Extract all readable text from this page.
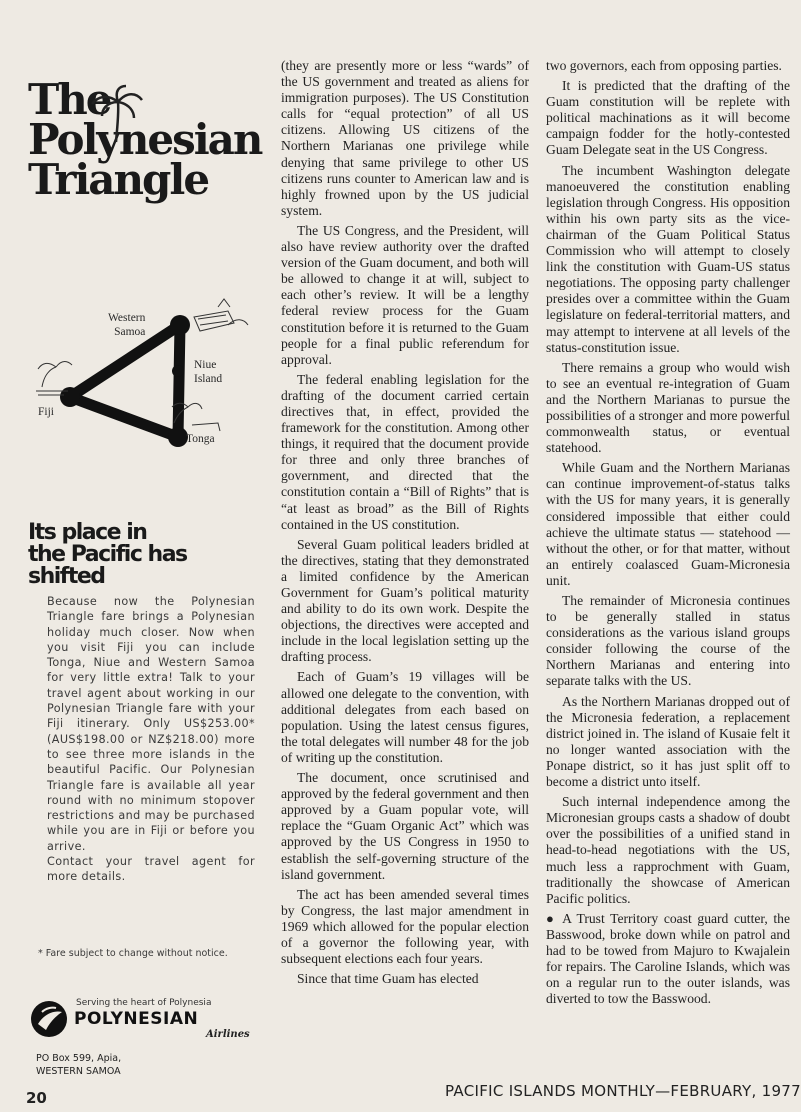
The
Polynesian
Triangle
Western
Samoa
Niue
Island
Fiji
Tonga
Its place in
the Pacific has shifted

Because now the Polynesian Triangle fare brings a Polynesian holiday much closer. Now when you visit Fiji you can include Tonga, Niue and Western Samoa for very little extra! Talk to your travel agent about working in our Polynesian Triangle fare with your Fiji itinerary. Only US$253.00* (AUS$198.00 or NZ$218.00) more to see three more islands in the beautiful Pacific. Our Polynesian Triangle fare is available all year round with no minimum stopover restrictions and may be purchased while you are in Fiji or before you arrive.

Contact your travel agent for more details.

* Fare subject to change without notice.
Serving the heart of Polynesia
POLYNESIAN
Airlines
PO Box 599, Apia,
WESTERN SAMOA

(they are presently more or less “wards” of the US government and treated as aliens for immigration purposes). The US Constitution calls for “equal protection” of all US citizens. Allowing US citizens of the Northern Marianas one privilege while denying that same privilege to other US citizens runs counter to American law and is highly frowned upon by the US judicial system.

The US Congress, and the President, will also have review authority over the drafted version of the Guam document, and both will be allowed to change it at will, subject to each other’s review. It will be a lengthy federal review process for the Guam constitution before it is returned to the Guam people for a final public referendum for approval.

The federal enabling legislation for the drafting of the document carried certain directives that, in effect, provided the framework for the constitution. Among other things, it required that the document provide for three and only three branches of government, and directed that the constitution contain a “Bill of Rights” that is “at least as broad” as the Bill of Rights contained in the US constitution.

Several Guam political leaders bridled at the directives, stating that they demonstrated a limited confidence by the American Government for Guam’s political maturity and ability to do its own work. Despite the objections, the directives were accepted and include in the local legislation setting up the drafting process.

Each of Guam’s 19 villages will be allowed one delegate to the convention, with additional delegates from each based on population. Using the latest census figures, the total delegates will number 48 for the job of writing up the constitution.

The document, once scrutinised and approved by the federal government and then approved by a Guam popular vote, will replace the “Guam Organic Act” which was approved by the US Congress in 1950 to establish the self-governing structure of the island government.

The act has been amended several times by Congress, the last major amendment in 1969 which allowed for the popular election of a governor the following year, with subsequent elections each four years.

Since that time Guam has elected

two governors, each from opposing parties.

It is predicted that the drafting of the Guam constitution will be replete with political machinations as it will become campaign fodder for the hotly-contested Guam Delegate seat in the US Congress.

The incumbent Washington delegate manoeuvered the constitution enabling legislation through Congress. His opposition within his own party sits as the vice-chairman of the Guam Political Status Commission who will attempt to closely link the constitution with Guam-US status negotiations. The opposing party challenger presides over a committee within the Guam legislature on federal-territorial matters, and may attempt to intervene at all levels of the status-constitution issue.

There remains a group who would wish to see an eventual re-integration of Guam and the Northern Marianas to pursue the possibilities of a stronger and more powerful commonwealth status, or eventual statehood.

While Guam and the Northern Marianas can continue improvement-of-status talks with the US for many years, it is generally considered impossible that either could achieve the ultimate status — statehood — without the other, or for that matter, without an entirely coalasced Guam-Micronesia unit.

The remainder of Micronesia continues to be generally stalled in status considerations as the various island groups consider following the course of the Northern Marianas and entering into separate talks with the US.

As the Northern Marianas dropped out of the Micronesia federation, a replacement district joined in. The island of Kusaie felt it no longer wanted association with the Ponape district, so it has just split off to become a district unto itself.

Such internal independence among the Micronesian groups casts a shadow of doubt over the possibilities of a unified stand in head-to-head negotiations with the US, much less a rapprochment with Guam, traditionally the showcase of American Pacific politics.

● A Trust Territory coast guard cutter, the Basswood, broke down while on patrol and had to be towed from Majuro to Kwajalein for repairs. The Caroline Islands, which was on a regular run to the outer islands, was diverted to tow the Basswood.

20	PACIFIC ISLANDS MONTHLY—FEBRUARY, 1977
